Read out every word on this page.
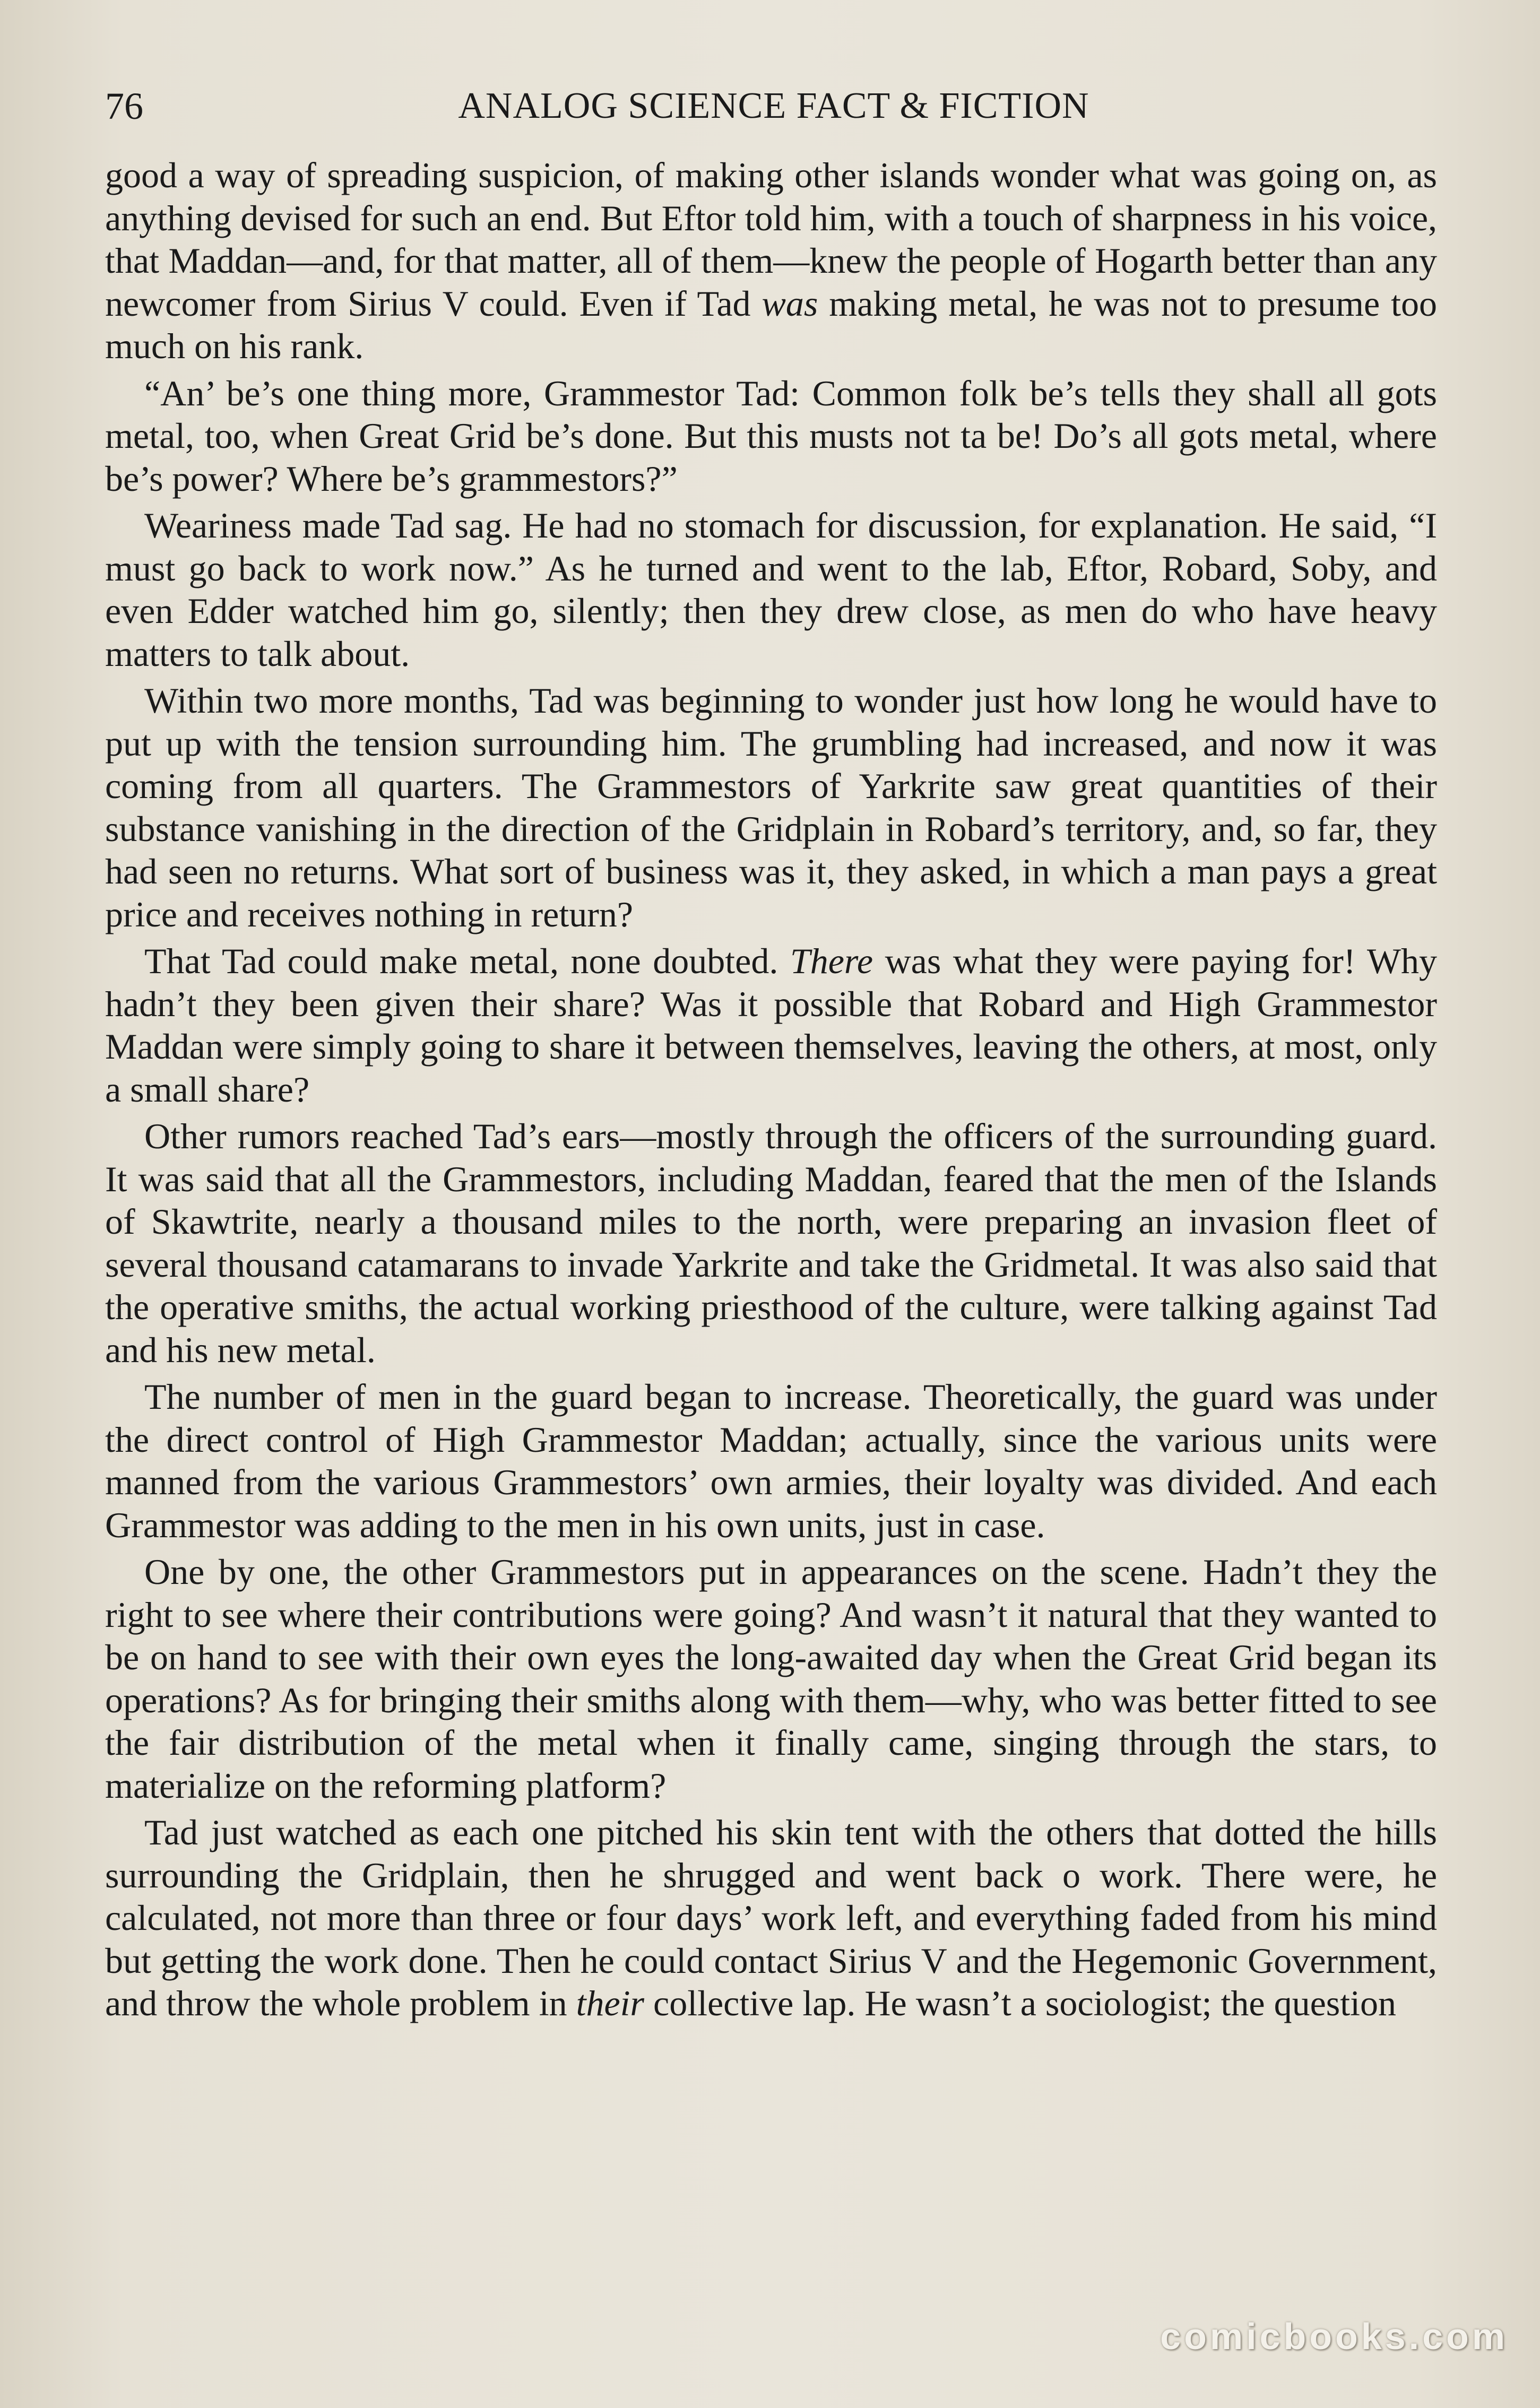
76	ANALOG SCIENCE FACT & FICTION

good a way of spreading suspicion, of making other islands wonder what was going on, as anything devised for such an end. But Eftor told him, with a touch of sharpness in his voice, that Maddan—and, for that matter, all of them—knew the people of Hogarth better than any newcomer from Sirius V could. Even if Tad was making metal, he was not to presume too much on his rank.

“An’ be’s one thing more, Grammestor Tad: Common folk be’s tells they shall all gots metal, too, when Great Grid be’s done. But this musts not ta be! Do’s all gots metal, where be’s power? Where be’s grammestors?”

Weariness made Tad sag. He had no stomach for discussion, for explanation. He said, “I must go back to work now.” As he turned and went to the lab, Eftor, Robard, Soby, and even Edder watched him go, silently; then they drew close, as men do who have heavy matters to talk about.

Within two more months, Tad was beginning to wonder just how long he would have to put up with the tension surrounding him. The grumbling had increased, and now it was coming from all quarters. The Grammestors of Yarkrite saw great quantities of their substance vanishing in the direction of the Gridplain in Robard’s territory, and, so far, they had seen no returns. What sort of business was it, they asked, in which a man pays a great price and receives nothing in return?

That Tad could make metal, none doubted. There was what they were paying for! Why hadn’t they been given their share? Was it possible that Robard and High Grammestor Maddan were simply going to share it between themselves, leaving the others, at most, only a small share?

Other rumors reached Tad’s ears—mostly through the officers of the surrounding guard. It was said that all the Grammestors, including Maddan, feared that the men of the Islands of Skawtrite, nearly a thousand miles to the north, were preparing an invasion fleet of several thousand catamarans to invade Yarkrite and take the Gridmetal. It was also said that the operative smiths, the actual working priesthood of the culture, were talking against Tad and his new metal.

The number of men in the guard began to increase. Theoretically, the guard was under the direct control of High Grammestor Maddan; actually, since the various units were manned from the various Grammestors’ own armies, their loyalty was divided. And each Grammestor was adding to the men in his own units, just in case.

One by one, the other Grammestors put in appearances on the scene. Hadn’t they the right to see where their contributions were going? And wasn’t it natural that they wanted to be on hand to see with their own eyes the long-awaited day when the Great Grid began its operations? As for bringing their smiths along with them—why, who was better fitted to see the fair distribution of the metal when it finally came, singing through the stars, to materialize on the reforming platform?

Tad just watched as each one pitched his skin tent with the others that dotted the hills surrounding the Gridplain, then he shrugged and went back o work. There were, he calculated, not more than three or four days’ work left, and everything faded from his mind but getting the work done. Then he could contact Sirius V and the Hegemonic Government, and throw the whole problem in their collective lap. He wasn’t a sociologist; the question

comicbooks.com
